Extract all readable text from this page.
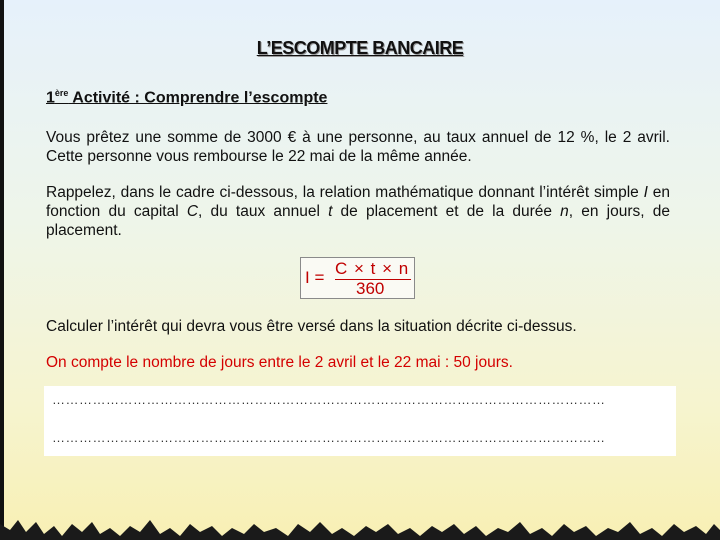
L’ESCOMPTE BANCAIRE
1ère Activité : Comprendre l’escompte
Vous prêtez une somme de 3000 € à une personne, au taux annuel de 12 %, le 2 avril. Cette personne vous rembourse le 22 mai de la même année.
Rappelez, dans le cadre ci-dessous, la relation mathématique donnant l’intérêt simple I en fonction du capital C, du taux annuel t de placement et de la durée n, en jours, de placement.
I = C × t × n
360
Calculer l’intérêt qui devra vous être versé dans la situation décrite ci-dessus.
On compte le nombre de jours entre le 2 avril et le 22 mai : 50 jours.
……………………………………………………………………………………………………………
……………………………………………………………………………………………………………
